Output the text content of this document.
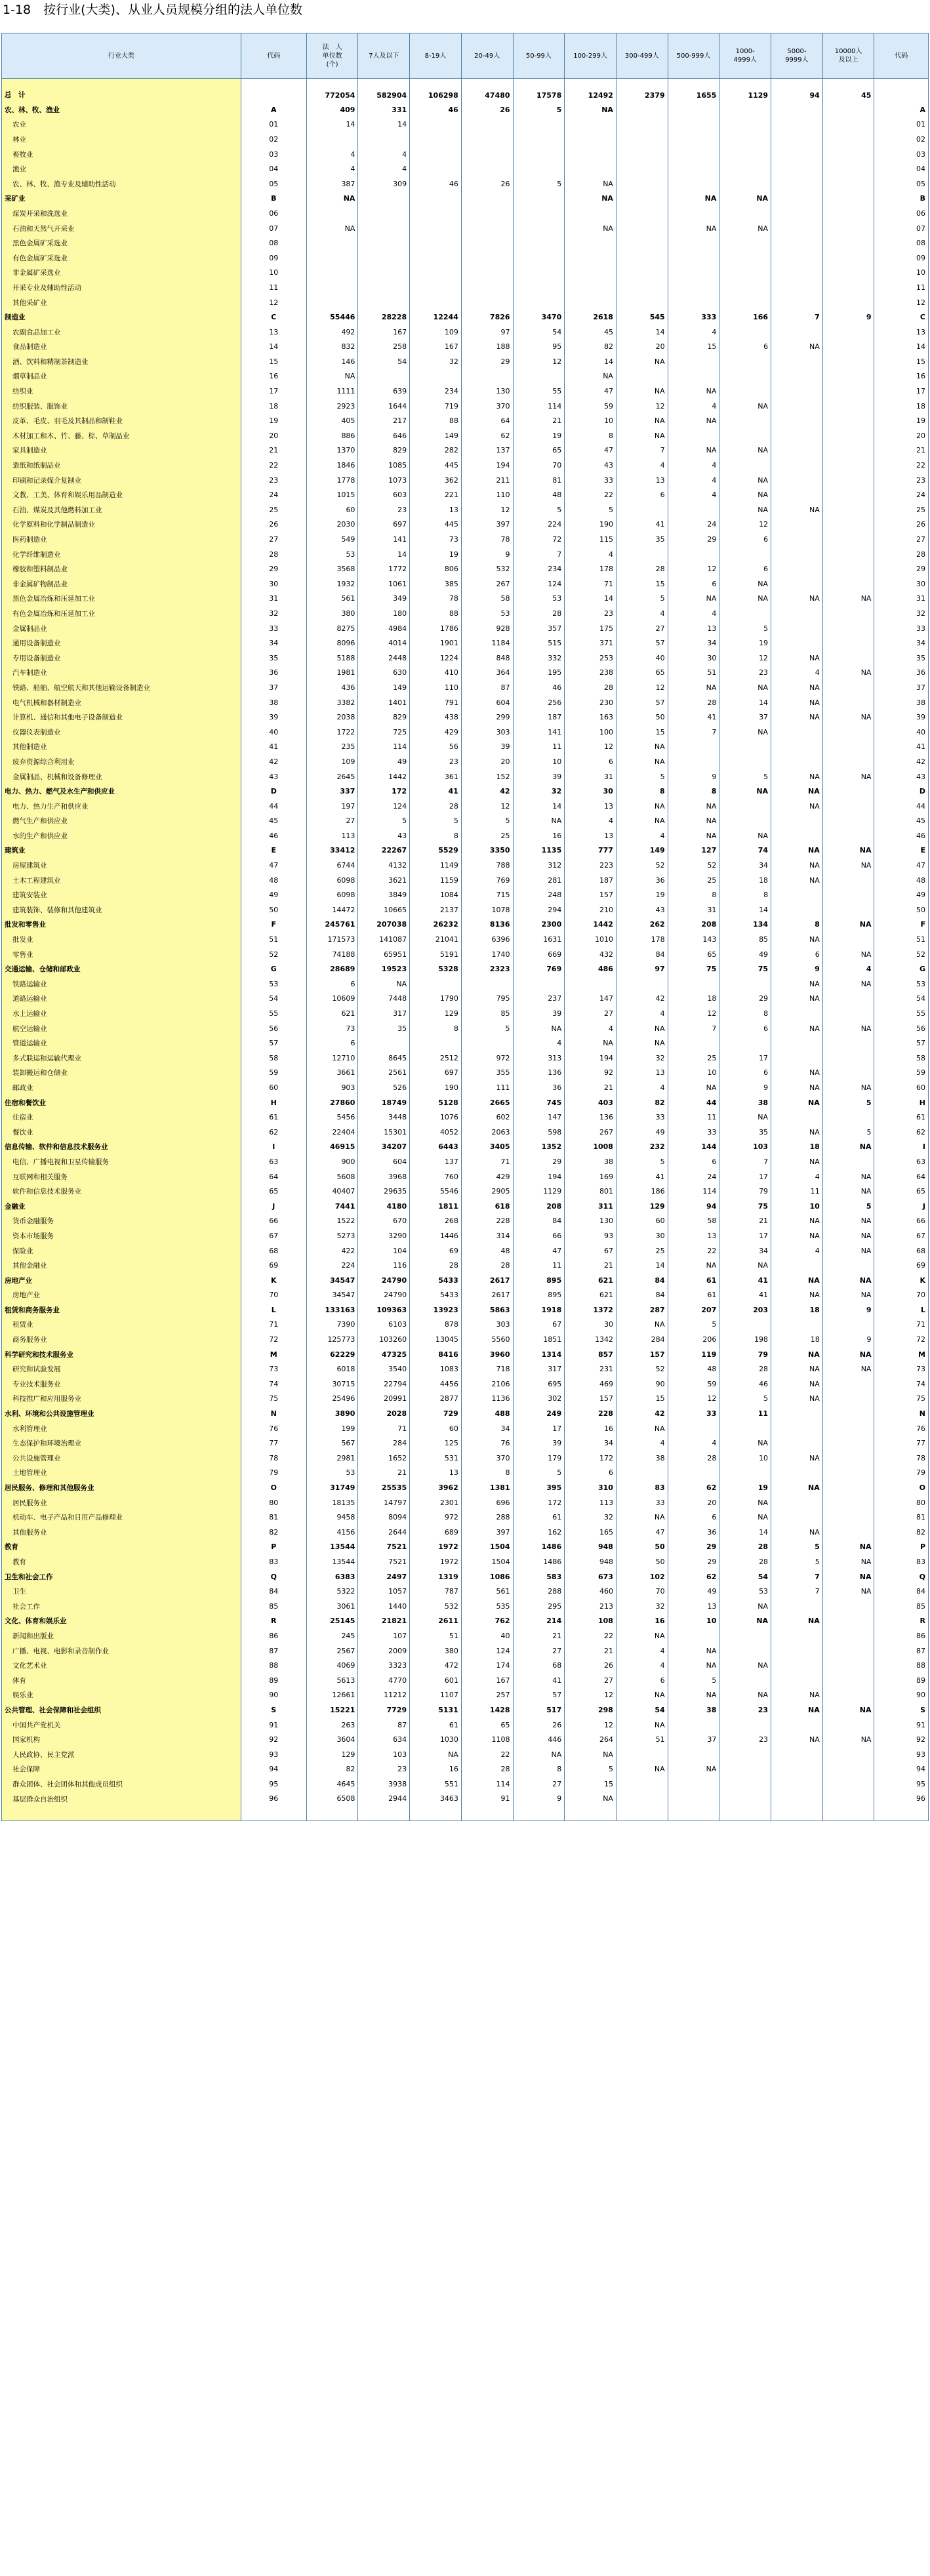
1-18　按行业(大类)、从业人员规模分组的法人单位数
行业大类	代码	法　人
单位数
(个)	7人及以下	8-19人	20-49人	50-99人	100-299人	300-499人	500-999人	1000-
4999人	5000-
9999人	10000人
及以上	代码
总　计		772054	582904	106298	47480	17578	12492	2379	1655	1129	94	45	
农、林、牧、渔业	A	409	331	46	26	5	NA						A
农业	01	14	14										01
林业	02												02
畜牧业	03	4	4										03
渔业	04	4	4										04
农、林、牧、渔专业及辅助性活动	05	387	309	46	26	5	NA						05
采矿业	B	NA					NA		NA	NA			B
煤炭开采和洗选业	06												06
石油和天然气开采业	07	NA					NA		NA	NA			07
黑色金属矿采选业	08												08
有色金属矿采选业	09												09
非金属矿采选业	10												10
开采专业及辅助性活动	11												11
其他采矿业	12												12
制造业	C	55446	28228	12244	7826	3470	2618	545	333	166	7	9	C
农副食品加工业	13	492	167	109	97	54	45	14	4				13
食品制造业	14	832	258	167	188	95	82	20	15	6	NA		14
酒、饮料和精制茶制造业	15	146	54	32	29	12	14	NA					15
烟草制品业	16	NA					NA						16
纺织业	17	1111	639	234	130	55	47	NA	NA				17
纺织服装、服饰业	18	2923	1644	719	370	114	59	12	4	NA			18
皮革、毛皮、羽毛及其制品和制鞋业	19	405	217	88	64	21	10	NA	NA				19
木材加工和木、竹、藤、棕、草制品业	20	886	646	149	62	19	8	NA					20
家具制造业	21	1370	829	282	137	65	47	7	NA	NA			21
造纸和纸制品业	22	1846	1085	445	194	70	43	4	4				22
印刷和记录媒介复制业	23	1778	1073	362	211	81	33	13	4	NA			23
文教、工美、体育和娱乐用品制造业	24	1015	603	221	110	48	22	6	4	NA			24
石油、煤炭及其他燃料加工业	25	60	23	13	12	5	5			NA	NA		25
化学原料和化学制品制造业	26	2030	697	445	397	224	190	41	24	12			26
医药制造业	27	549	141	73	78	72	115	35	29	6			27
化学纤维制造业	28	53	14	19	9	7	4						28
橡胶和塑料制品业	29	3568	1772	806	532	234	178	28	12	6			29
非金属矿物制品业	30	1932	1061	385	267	124	71	15	6	NA			30
黑色金属冶炼和压延加工业	31	561	349	78	58	53	14	5	NA	NA	NA	NA	31
有色金属冶炼和压延加工业	32	380	180	88	53	28	23	4	4				32
金属制品业	33	8275	4984	1786	928	357	175	27	13	5			33
通用设备制造业	34	8096	4014	1901	1184	515	371	57	34	19			34
专用设备制造业	35	5188	2448	1224	848	332	253	40	30	12	NA		35
汽车制造业	36	1981	630	410	364	195	238	65	51	23	4	NA	36
铁路、船舶、航空航天和其他运输设备制造业	37	436	149	110	87	46	28	12	NA	NA	NA		37
电气机械和器材制造业	38	3382	1401	791	604	256	230	57	28	14	NA		38
计算机、通信和其他电子设备制造业	39	2038	829	438	299	187	163	50	41	37	NA	NA	39
仪器仪表制造业	40	1722	725	429	303	141	100	15	7	NA			40
其他制造业	41	235	114	56	39	11	12	NA					41
废弃资源综合利用业	42	109	49	23	20	10	6	NA					42
金属制品、机械和设备修理业	43	2645	1442	361	152	39	31	5	9	5	NA	NA	43
电力、热力、燃气及水生产和供应业	D	337	172	41	42	32	30	8	8	NA	NA		D
电力、热力生产和供应业	44	197	124	28	12	14	13	NA	NA		NA		44
燃气生产和供应业	45	27	5	5	5	NA	4	NA	NA				45
水的生产和供应业	46	113	43	8	25	16	13	4	NA	NA			46
建筑业	E	33412	22267	5529	3350	1135	777	149	127	74	NA	NA	E
房屋建筑业	47	6744	4132	1149	788	312	223	52	52	34	NA	NA	47
土木工程建筑业	48	6098	3621	1159	769	281	187	36	25	18	NA		48
建筑安装业	49	6098	3849	1084	715	248	157	19	8	8			49
建筑装饰、装修和其他建筑业	50	14472	10665	2137	1078	294	210	43	31	14			50
批发和零售业	F	245761	207038	26232	8136	2300	1442	262	208	134	8	NA	F
批发业	51	171573	141087	21041	6396	1631	1010	178	143	85	NA		51
零售业	52	74188	65951	5191	1740	669	432	84	65	49	6	NA	52
交通运输、仓储和邮政业	G	28689	19523	5328	2323	769	486	97	75	75	9	4	G
铁路运输业	53	6	NA								NA	NA	53
道路运输业	54	10609	7448	1790	795	237	147	42	18	29	NA		54
水上运输业	55	621	317	129	85	39	27	4	12	8			55
航空运输业	56	73	35	8	5	NA	4	NA	7	6	NA	NA	56
管道运输业	57	6				4	NA	NA					57
多式联运和运输代理业	58	12710	8645	2512	972	313	194	32	25	17			58
装卸搬运和仓储业	59	3661	2561	697	355	136	92	13	10	6	NA		59
邮政业	60	903	526	190	111	36	21	4	NA	9	NA	NA	60
住宿和餐饮业	H	27860	18749	5128	2665	745	403	82	44	38	NA	5	H
住宿业	61	5456	3448	1076	602	147	136	33	11	NA			61
餐饮业	62	22404	15301	4052	2063	598	267	49	33	35	NA	5	62
信息传输、软件和信息技术服务业	I	46915	34207	6443	3405	1352	1008	232	144	103	18	NA	I
电信、广播电视和卫星传输服务	63	900	604	137	71	29	38	5	6	7	NA		63
互联网和相关服务	64	5608	3968	760	429	194	169	41	24	17	4	NA	64
软件和信息技术服务业	65	40407	29635	5546	2905	1129	801	186	114	79	11	NA	65
金融业	J	7441	4180	1811	618	208	311	129	94	75	10	5	J
货币金融服务	66	1522	670	268	228	84	130	60	58	21	NA	NA	66
资本市场服务	67	5273	3290	1446	314	66	93	30	13	17	NA	NA	67
保险业	68	422	104	69	48	47	67	25	22	34	4	NA	68
其他金融业	69	224	116	28	28	11	21	14	NA	NA			69
房地产业	K	34547	24790	5433	2617	895	621	84	61	41	NA	NA	K
房地产业	70	34547	24790	5433	2617	895	621	84	61	41	NA	NA	70
租赁和商务服务业	L	133163	109363	13923	5863	1918	1372	287	207	203	18	9	L
租赁业	71	7390	6103	878	303	67	30	NA	5				71
商务服务业	72	125773	103260	13045	5560	1851	1342	284	206	198	18	9	72
科学研究和技术服务业	M	62229	47325	8416	3960	1314	857	157	119	79	NA	NA	M
研究和试验发展	73	6018	3540	1083	718	317	231	52	48	28	NA	NA	73
专业技术服务业	74	30715	22794	4456	2106	695	469	90	59	46	NA		74
科技推广和应用服务业	75	25496	20991	2877	1136	302	157	15	12	5	NA		75
水利、环境和公共设施管理业	N	3890	2028	729	488	249	228	42	33	11			N
水利管理业	76	199	71	60	34	17	16	NA					76
生态保护和环境治理业	77	567	284	125	76	39	34	4	4	NA			77
公共设施管理业	78	2981	1652	531	370	179	172	38	28	10	NA		78
土地管理业	79	53	21	13	8	5	6						79
居民服务、修理和其他服务业	O	31749	25535	3962	1381	395	310	83	62	19	NA		O
居民服务业	80	18135	14797	2301	696	172	113	33	20	NA			80
机动车、电子产品和日用产品修理业	81	9458	8094	972	288	61	32	NA	6	NA			81
其他服务业	82	4156	2644	689	397	162	165	47	36	14	NA		82
教育	P	13544	7521	1972	1504	1486	948	50	29	28	5	NA	P
教育	83	13544	7521	1972	1504	1486	948	50	29	28	5	NA	83
卫生和社会工作	Q	6383	2497	1319	1086	583	673	102	62	54	7	NA	Q
卫生	84	5322	1057	787	561	288	460	70	49	53	7	NA	84
社会工作	85	3061	1440	532	535	295	213	32	13	NA			85
文化、体育和娱乐业	R	25145	21821	2611	762	214	108	16	10	NA	NA		R
新闻和出版业	86	245	107	51	40	21	22	NA					86
广播、电视、电影和录音制作业	87	2567	2009	380	124	27	21	4	NA				87
文化艺术业	88	4069	3323	472	174	68	26	4	NA	NA			88
体育	89	5613	4770	601	167	41	27	6	5				89
娱乐业	90	12661	11212	1107	257	57	12	NA	NA	NA	NA		90
公共管理、社会保障和社会组织	S	15221	7729	5131	1428	517	298	54	38	23	NA	NA	S
中国共产党机关	91	263	87	61	65	26	12	NA					91
国家机构	92	3604	634	1030	1108	446	264	51	37	23	NA	NA	92
人民政协、民主党派	93	129	103	NA	22	NA	NA						93
社会保障	94	82	23	16	28	8	5	NA	NA				94
群众团体、社会团体和其他成员组织	95	4645	3938	551	114	27	15						95
基层群众自治组织	96	6508	2944	3463	91	9	NA						96
